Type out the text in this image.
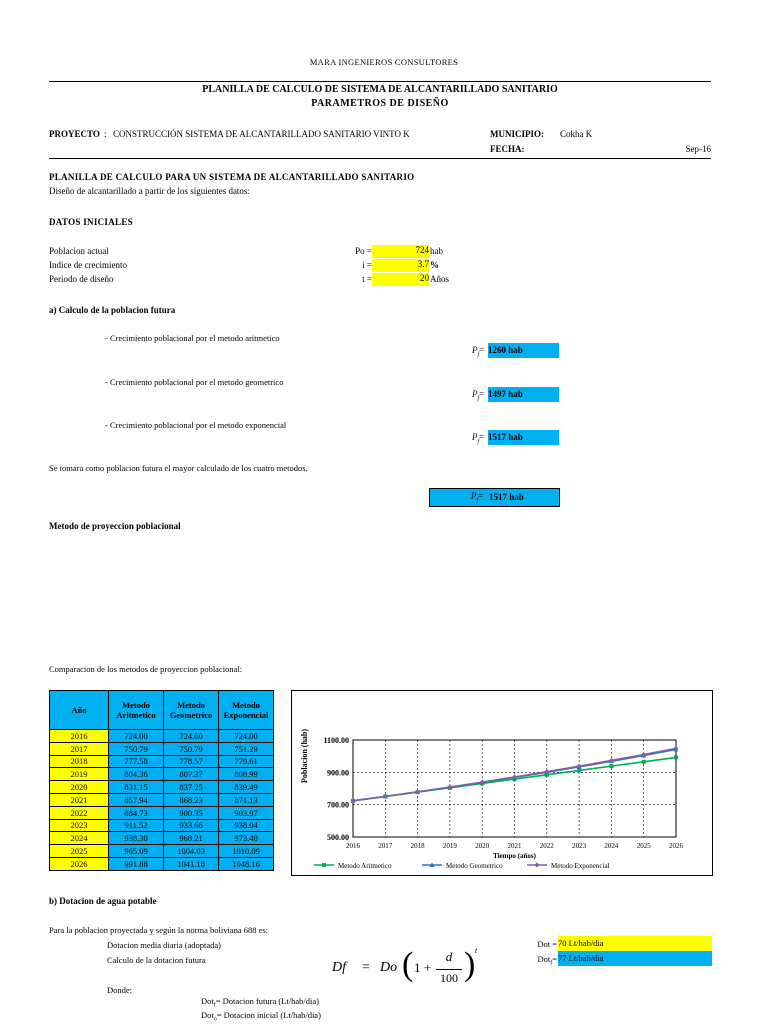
MARA INGENIEROS CONSULTORES
PLANILLA DE CALCULO DE SISTEMA DE ALCANTARILLADO SANITARIO
PARAMETROS DE DISEÑO
PROYECTO : CONSTRUCCIÓN SISTEMA DE ALCANTARILLADO SANITARIO VINTO K	MUNICIPIO: Cokha K
FECHA:	Sep-16
PLANILLA DE CALCULO PARA UN SISTEMA DE ALCANTARILLADO SANITARIO
Diseño de alcantarillado a partir de los siguientes datos:
DATOS INICIALES
Poblacion actual	Po =	724 hab
Indice de crecimiento	i =	3.7 %
Periodo de diseño	t =	20 Años
a) Calculo de la poblacion futura
- Crecimiento poblacional por el metodo aritmetico
$P_f= 1260$ hab
- Crecimiento poblacional por el metodo geometrico
$P_f= 1497$ hab
- Crecimiento poblacional por el metodo exponencial
$P_f= 1517$ hab
Se tomara como poblacion futura el mayor calculado de los cuatro metodos.
$P_f= 1517$ hab
Metodo de proyeccion poblacional
Comparacion de los metodos de proyeccion poblacional:
Año	Metodo Aritmetico	Metodo Geometrico	Metodo Exponencial
2016	724.00	724.00	724.00
2017	750.79	750.79	751.29
2018	777.58	778.57	779.61
2019	804.36	807.37	808.99
2020	831.15	837.25	839.49
2021	857.94	868.23	871.13
2022	884.73	900.35	903.97
2023	911.52	933.66	938.04
2024	938.30	968.21	973.40
2025	965.09	1004.03	1010.09
2026	991.88	1041.18	1048.16
500.00
700.00
900.00
1100.00
2016	2017	2018	2019	2020	2021	2022	2023	2024	2025	2026
Tiempo (años)
Poblacion (hab)
Metodo Aritmetico	Metodo Geometrico	Metodo Exponencial
b) Dotacion de agua potable
Para la poblacion proyectada y según la norma boliviana 688 es:
Dotacion media diaria (adoptada)
Calculo de la dotacion futura
Dot = 70 Lt/hab/dia
Dot$_f$= 77 Lt/hab/dia
Df = Do ( 1 +
d
100 ) t
Donde:
Dot$_f$= Dotacion futura (Lt/hab/dia)
Dot$_o$= Dotacion inicial (Lt/hab/dia)
